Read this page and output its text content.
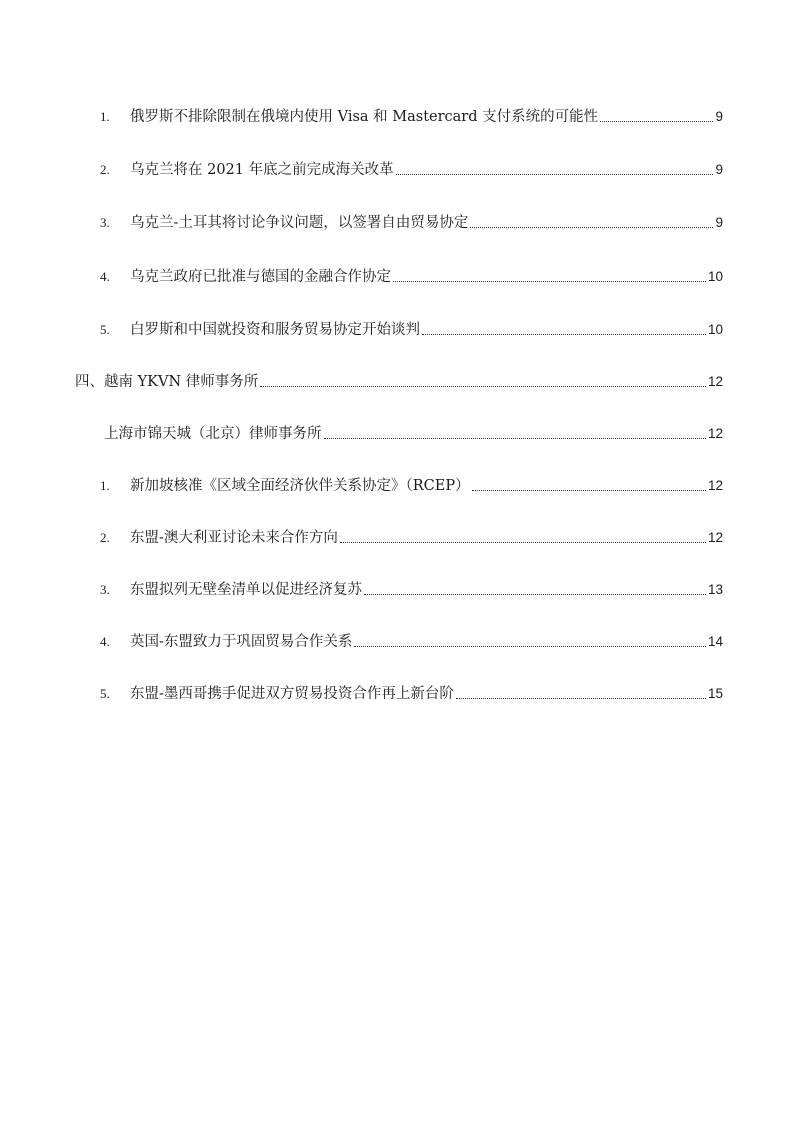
1.	俄罗斯不排除限制在俄境内使用 Visa 和 Mastercard 支付系统的可能性	9
2.	乌克兰将在 2021 年底之前完成海关改革	9
3.	乌克兰-土耳其将讨论争议问题，以签署自由贸易协定	9
4.	乌克兰政府已批准与德国的金融合作协定	10
5.	白罗斯和中国就投资和服务贸易协定开始谈判	10
四、越南 YKVN 律师事务所	12
上海市锦天城（北京）律师事务所	12
1.	新加坡核准《区域全面经济伙伴关系协定》（RCEP）	12
2.	东盟-澳大利亚讨论未来合作方向	12
3.	东盟拟列无壁垒清单以促进经济复苏	13
4.	英国-东盟致力于巩固贸易合作关系	14
5.	东盟-墨西哥携手促进双方贸易投资合作再上新台阶	15
